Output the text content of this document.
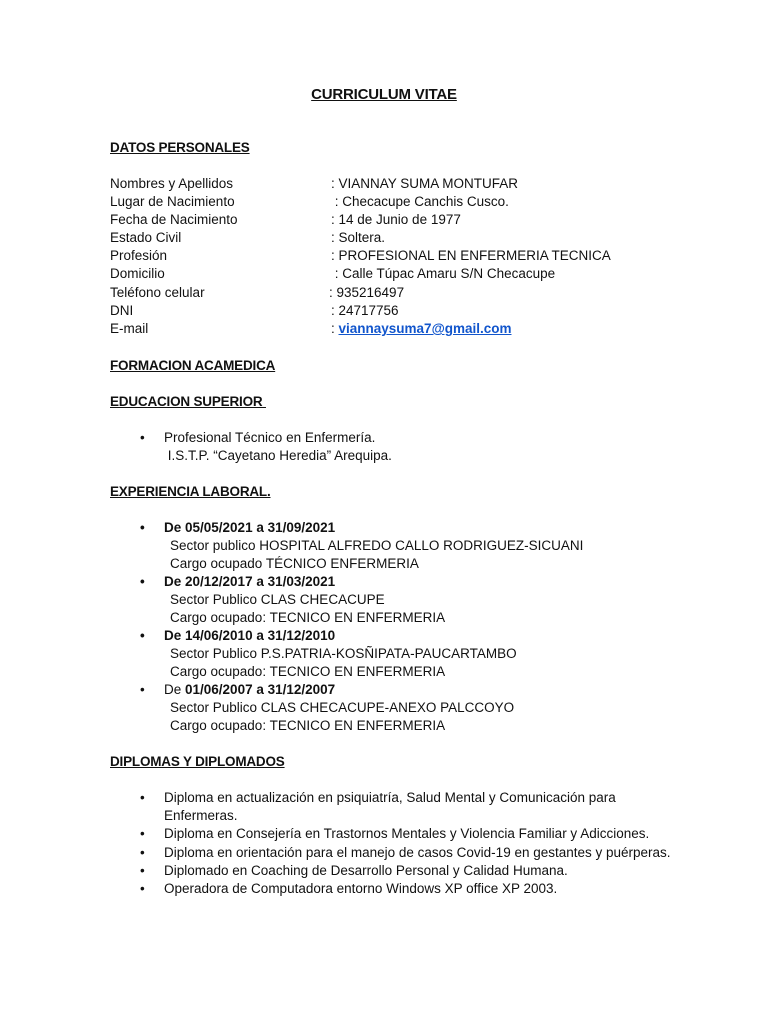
CURRICULUM VITAE
DATOS PERSONALES
Nombres y Apellidos	: VIANNAY SUMA MONTUFAR
Lugar de Nacimiento	: Checacupe Canchis Cusco.
Fecha de Nacimiento	: 14 de Junio de 1977
Estado Civil	: Soltera.
Profesión	: PROFESIONAL EN ENFERMERIA TECNICA
Domicilio	: Calle Túpac Amaru S/N Checacupe
Teléfono celular	: 935216497
DNI	: 24717756
E-mail	: viannaysuma7@gmail.com
FORMACION ACAMEDICA
EDUCACION SUPERIOR
• Profesional Técnico en Enfermería.
I.S.T.P. “Cayetano Heredia” Arequipa.
EXPERIENCIA LABORAL.
• De 05/05/2021 a 31/09/2021
Sector publico HOSPITAL ALFREDO CALLO RODRIGUEZ-SICUANI
Cargo ocupado TÉCNICO ENFERMERIA
• De 20/12/2017 a 31/03/2021
Sector Publico CLAS CHECACUPE
Cargo ocupado: TECNICO EN ENFERMERIA
• De 14/06/2010 a 31/12/2010
Sector Publico P.S.PATRIA-KOSÑIPATA-PAUCARTAMBO
Cargo ocupado: TECNICO EN ENFERMERIA
• De 01/06/2007 a 31/12/2007
Sector Publico CLAS CHECACUPE-ANEXO PALCCOYO
Cargo ocupado: TECNICO EN ENFERMERIA
DIPLOMAS Y DIPLOMADOS
• Diploma en actualización en psiquiatría, Salud Mental y Comunicación para
Enfermeras.
• Diploma en Consejería en Trastornos Mentales y Violencia Familiar y Adicciones.
• Diploma en orientación para el manejo de casos Covid-19 en gestantes y puérperas.
• Diplomado en Coaching de Desarrollo Personal y Calidad Humana.
• Operadora de Computadora entorno Windows XP office XP 2003.
